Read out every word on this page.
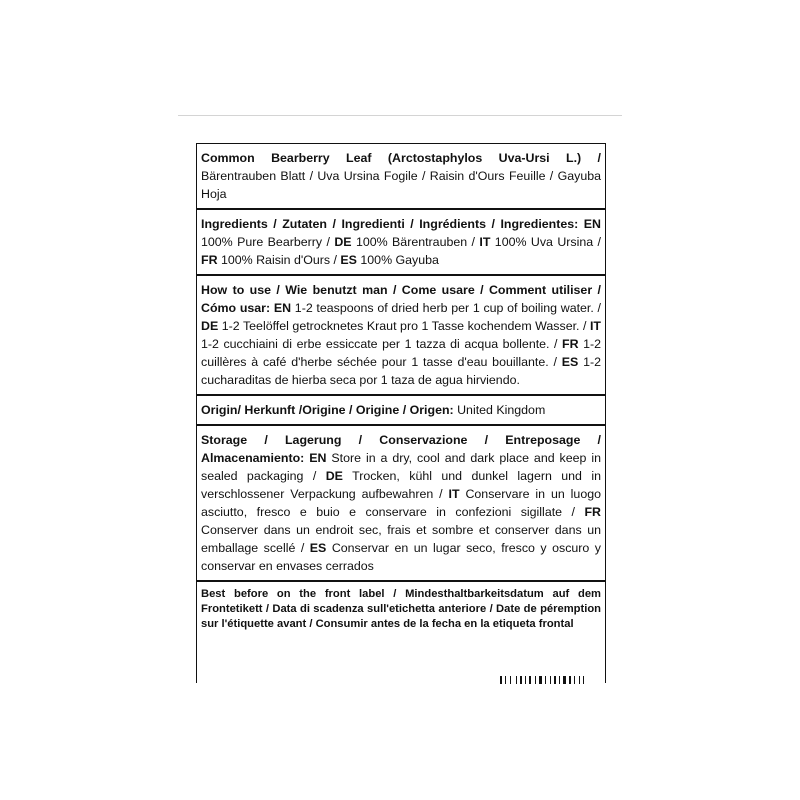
Common Bearberry Leaf (Arctostaphylos Uva-Ursi L.) / Bärentrauben Blatt / Uva Ursina Fogile / Raisin d'Ours Feuille / Gayuba Hoja
Ingredients / Zutaten / Ingredienti / Ingrédients / Ingredientes: EN 100% Pure Bearberry / DE 100% Bärentrauben / IT 100% Uva Ursina / FR 100% Raisin d'Ours / ES 100% Gayuba
How to use / Wie benutzt man / Come usare / Comment utiliser / Cómo usar: EN 1-2 teaspoons of dried herb per 1 cup of boiling water. / DE 1-2 Teelöffel getrocknetes Kraut pro 1 Tasse kochendem Wasser. / IT 1-2 cucchiaini di erbe essiccate per 1 tazza di acqua bollente. / FR 1-2 cuillères à café d'herbe séchée pour 1 tasse d'eau bouillante. / ES 1-2 cucharaditas de hierba seca por 1 taza de agua hirviendo.
Origin/ Herkunft /Origine / Origine / Origen: United Kingdom
Storage / Lagerung / Conservazione / Entreposage / Almacenamiento: EN Store in a dry, cool and dark place and keep in sealed packaging / DE Trocken, kühl und dunkel lagern und in verschlossener Verpackung aufbewahren / IT Conservare in un luogo asciutto, fresco e buio e conservare in confezioni sigillate / FR Conserver dans un endroit sec, frais et sombre et conserver dans un emballage scellé / ES Conservar en un lugar seco, fresco y oscuro y conservar en envases cerrados
Best before on the front label / Mindesthaltbarkeitsdatum auf dem Frontetikett / Data di scadenza sull'etichetta anteriore / Date de péremption sur l'étiquette avant / Consumir antes de la fecha en la etiqueta frontal
